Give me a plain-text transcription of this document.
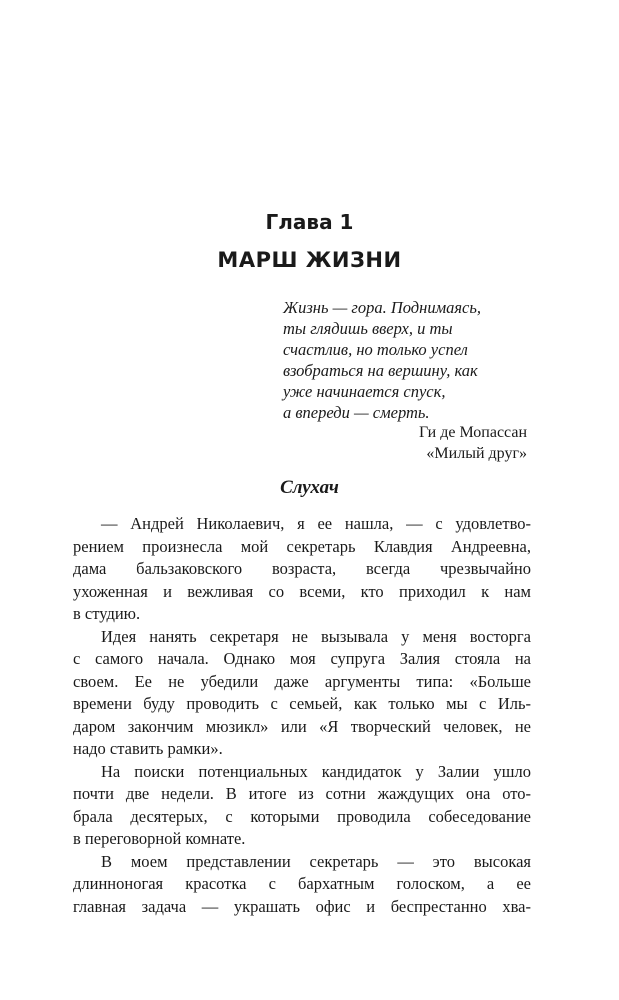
Глава 1
МАРШ ЖИЗНИ
Жизнь — гора. Поднимаясь,
ты глядишь вверх, и ты
счастлив, но только успел
взобраться на вершину, как
уже начинается спуск,
а впереди — смерть.
Ги де Мопассан
«Милый друг»
Слухач
— Андрей Николаевич, я ее нашла, — с удовлетво-
рением произнесла мой секретарь Клавдия Андреевна,
дама бальзаковского возраста, всегда чрезвычайно
ухоженная и вежливая со всеми, кто приходил к нам
в студию.
Идея нанять секретаря не вызывала у меня восторга
с самого начала. Однако моя супруга Залия стояла на
своем. Ее не убедили даже аргументы типа: «Больше
времени буду проводить с семьей, как только мы с Иль-
даром закончим мюзикл» или «Я творческий человек, не
надо ставить рамки».
На поиски потенциальных кандидаток у Залии ушло
почти две недели. В итоге из сотни жаждущих она ото-
брала десятерых, с которыми проводила собеседование
в переговорной комнате.
В моем представлении секретарь — это высокая
длинноногая красотка с бархатным голоском, а ее
главная задача — украшать офис и беспрестанно хва-
